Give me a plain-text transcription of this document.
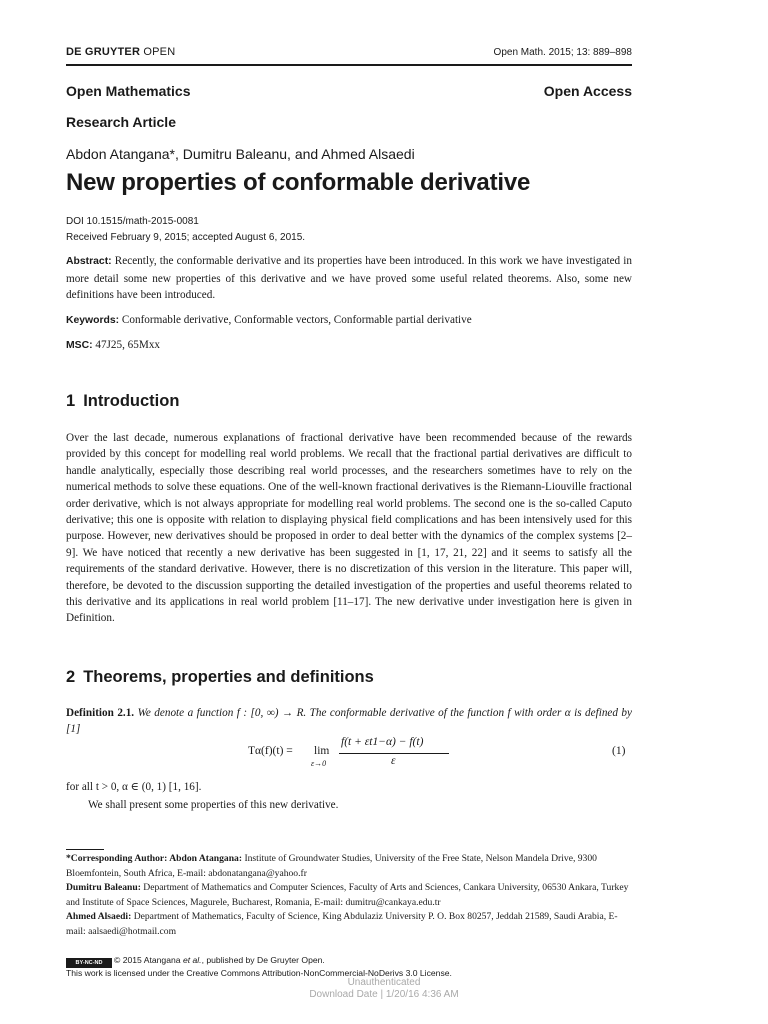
DE GRUYTER OPEN	Open Math. 2015; 13: 889–898
Open Mathematics	Open Access
Research Article
Abdon Atangana*, Dumitru Baleanu, and Ahmed Alsaedi
New properties of conformable derivative
DOI 10.1515/math-2015-0081
Received February 9, 2015; accepted August 6, 2015.
Abstract: Recently, the conformable derivative and its properties have been introduced. In this work we have investigated in more detail some new properties of this derivative and we have proved some useful related theorems. Also, some new definitions have been introduced.
Keywords: Conformable derivative, Conformable vectors, Conformable partial derivative
MSC: 47J25, 65Mxx
1 Introduction
Over the last decade, numerous explanations of fractional derivative have been recommended because of the rewards provided by this concept for modelling real world problems. We recall that the fractional partial derivatives are difficult to handle analytically, especially those describing real world processes, and the researchers sometimes have to rely on the numerical methods to solve these equations. One of the well-known fractional derivatives is the Riemann-Liouville fractional order derivative, which is not always appropriate for modelling real world problems. The second one is the so-called Caputo derivative; this one is opposite with relation to displaying physical field complications and has been intensively used for this purpose. However, new derivatives should be proposed in order to deal better with the dynamics of the complex systems [2–9]. We have noticed that recently a new derivative has been suggested in [1, 17, 21, 22] and it seems to satisfy all the requirements of the standard derivative. However, there is no discretization of this version in the literature. This paper will, therefore, be devoted to the discussion supporting the detailed investigation of the properties and useful theorems related to this derivative and its applications in real world problem [11–17]. The new derivative under investigation here is given in Definition.
2 Theorems, properties and definitions
Definition 2.1. We denote a function f : [0, ∞) → R. The conformable derivative of the function f with order α is defined by [1]
Tα(f)(t) = lim
ε→0
f(t + εt1−α) − f(t)
ε
(1)
for all t > 0, α ∈ (0, 1) [1, 16].
We shall present some properties of this new derivative.
*Corresponding Author: Abdon Atangana: Institute of Groundwater Studies, University of the Free State, Nelson Mandela Drive, 9300 Bloemfontein, South Africa, E-mail: abdonatangana@yahoo.fr
Dumitru Baleanu: Department of Mathematics and Computer Sciences, Faculty of Arts and Sciences, Cankara University, 06530 Ankara, Turkey and Institute of Space Sciences, Magurele, Bucharest, Romania, E-mail: dumitru@cankaya.edu.tr
Ahmed Alsaedi: Department of Mathematics, Faculty of Science, King Abdulaziz University P. O. Box 80257, Jeddah 21589, Saudi Arabia, E-mail: aalsaedi@hotmail.com
BY-NC-ND © 2015 Atangana et al., published by De Gruyter Open.
This work is licensed under the Creative Commons Attribution-NonCommercial-NoDerivs 3.0 License.
Unauthenticated
Download Date | 1/20/16 4:36 AM
